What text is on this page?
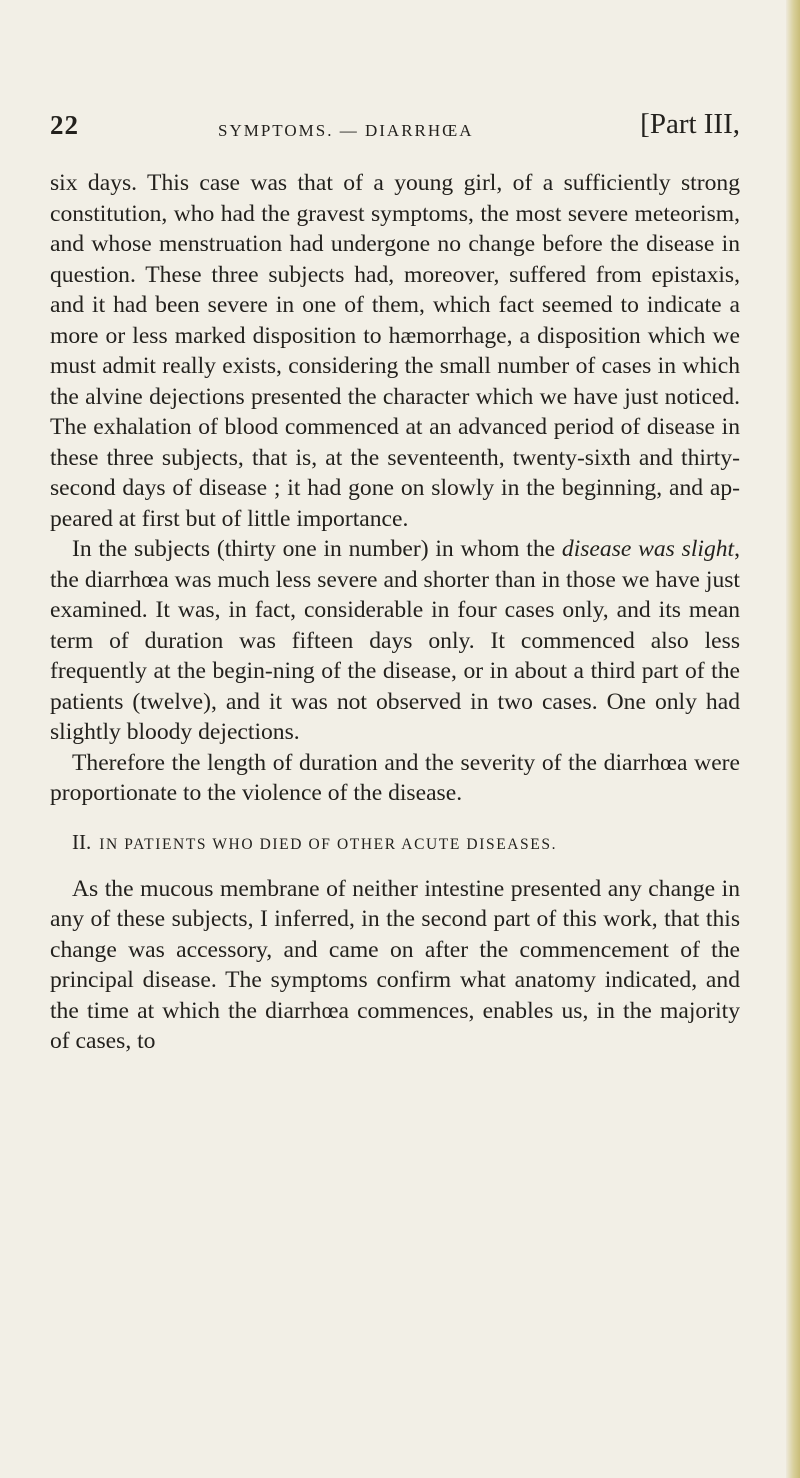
22	SYMPTOMS. — DIARRHŒA	[Part III,

six days. This case was that of a young girl, of a sufficiently strong constitution, who had the gravest symptoms, the most severe meteorism, and whose menstruation had undergone no change before the disease in question. These three subjects had, moreover, suffered from epistaxis, and it had been severe in one of them, which fact seemed to indicate a more or less marked disposition to hæmorrhage, a disposition which we must admit really exists, considering the small number of cases in which the alvine dejections presented the character which we have just noticed. The exhalation of blood commenced at an advanced period of disease in these three subjects, that is, at the seventeenth, twenty-sixth and thirty-second days of disease ; it had gone on slowly in the beginning, and ap-peared at first but of little importance.

In the subjects (thirty one in number) in whom the disease was slight, the diarrhœa was much less severe and shorter than in those we have just examined. It was, in fact, considerable in four cases only, and its mean term of duration was fifteen days only. It commenced also less frequently at the begin-ning of the disease, or in about a third part of the patients (twelve), and it was not observed in two cases. One only had slightly bloody dejections.

Therefore the length of duration and the severity of the diarrhœa were proportionate to the violence of the disease.

II. IN PATIENTS WHO DIED OF OTHER ACUTE DISEASES.

As the mucous membrane of neither intestine presented any change in any of these subjects, I inferred, in the second part of this work, that this change was accessory, and came on after the commencement of the principal disease. The symptoms confirm what anatomy indicated, and the time at which the diarrhœa commences, enables us, in the majority of cases, to
